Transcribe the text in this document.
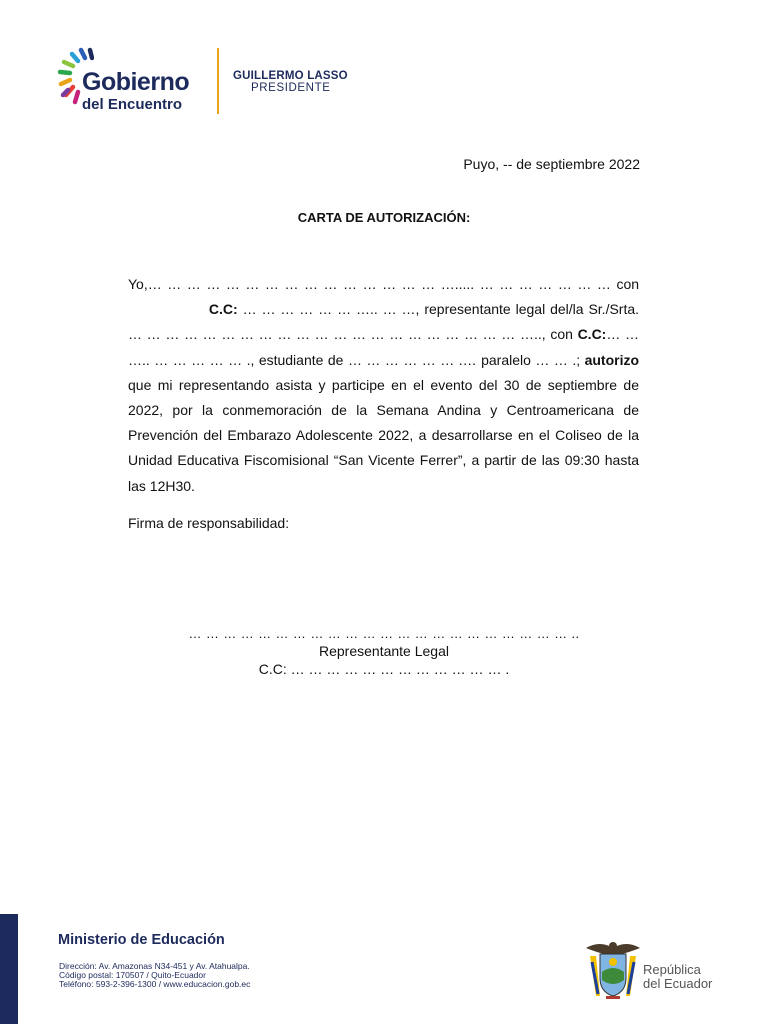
Gobierno
del Encuentro
GUILLERMO LASSO
PRESIDENTE
Puyo, -- de septiembre 2022
CARTA DE AUTORIZACIÓN:

Yo,… … … … … … … … … … … … … … … …..... … … … … … … … con  C.C: … … … … … … ….. … …, representante legal del/la Sr./Srta. … … … … … … … … … … … … … … … … … … … … … ….., con C.C:… … ….. … … … … … ., estudiante de … … … … … … .… paralelo … … .; autorizo que mi representando asista y participe en el evento del 30 de septiembre de 2022, por la conmemoración de la Semana Andina y Centroamericana de Prevención del Embarazo Adolescente 2022, a desarrollarse en el Coliseo de la Unidad Educativa Fiscomisional “San Vicente Ferrer”, a partir de las 09:30 hasta las 12H30.

Firma de responsabilidad:
… … … … … … … … … … … … … … … … … … … … … … ..
Representante Legal
C.C: … … … … … … … … … … … … .
Ministerio de Educación
Dirección: Av. Amazonas N34-451 y Av. Atahualpa.
Código postal: 170507 / Quito-Ecuador
Teléfono: 593-2-396-1300 / www.educacion.gob.ec
República
del Ecuador
